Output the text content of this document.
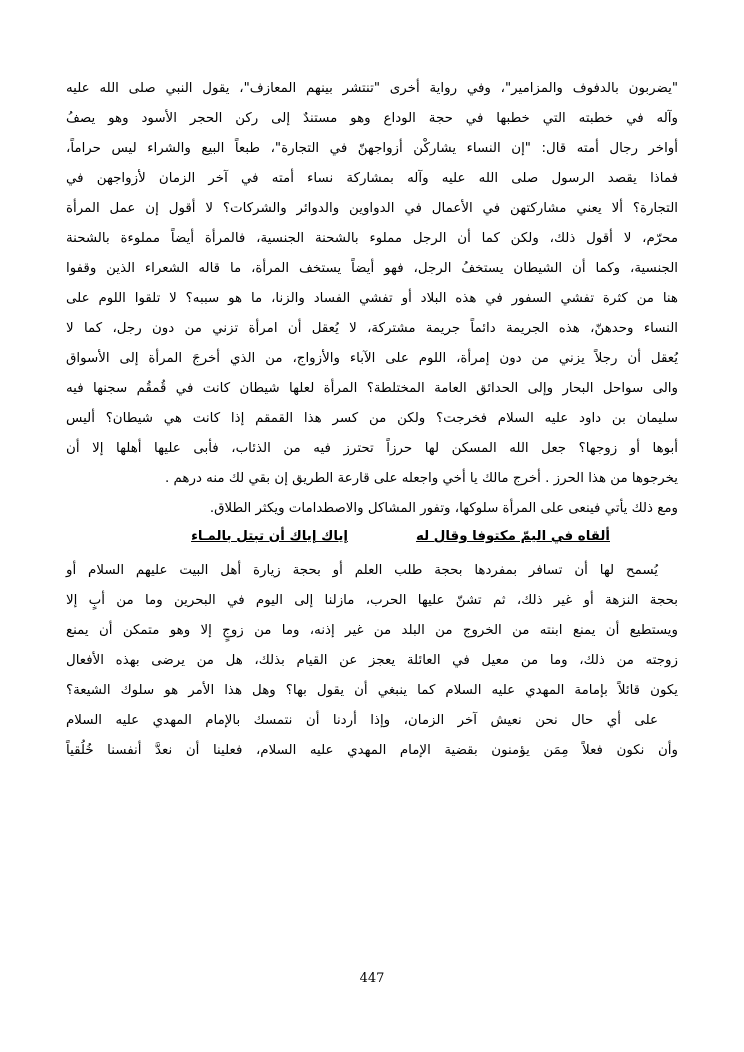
"يضربون بالدفوف والمزامير"، وفي رواية أخرى "تنتشر بينهم المعازف"، يقول النبي صلى الله عليه
وآله في خطبته التي خطبها في حجة الوداع وهو مستندٌ إلى ركن الحجر الأسود وهو يصفُ
أواخر رجال أمته قال: "إن النساء يشاركْن أزواجهنّ في التجارة"، طبعاً البيع والشراء ليس حراماً،
فماذا يقصد الرسول صلى الله عليه وآله بمشاركة نساء أمته في آخر الزمان لأزواجهن في
التجارة؟ ألا يعني مشاركتهن في الأعمال في الدواوين والدوائر والشركات؟ لا أقول إن عمل المرأة
محرّم، لا أقول ذلك، ولكن كما أن الرجل مملوء بالشحنة الجنسية، فالمرأة أيضاً مملوءة بالشحنة
الجنسية، وكما أن الشيطان يستخفُ الرجل، فهو أيضاً يستخف المرأة، ما قاله الشعراء الذين وقفوا
هنا من كثرة تفشي السفور في هذه البلاد أو تفشي الفساد والزنا، ما هو سببه؟ لا تلقوا اللوم على
النساء وحدهنّ، هذه الجريمة دائماً جريمة مشتركة، لا يُعقل أن امرأة تزني من دون رجل، كما لا
يُعقل أن رجلاً يزني من دون إمرأة، اللوم على الآباء والأزواج، من الذي أخرجَ المرأة إلى الأسواق
والى سواحل البحار وإلى الحدائق العامة المختلطة؟ المرأة لعلها شيطان كانت في قُمقُم سجنها فيه
سليمان بن داود عليه السلام فخرجت؟ ولكن من كسر هذا القمقم إذا كانت هي شيطان؟ أليس
أبوها أو زوجها؟ جعل الله المسكن لها حرزاً تحترز فيه من الذئاب، فأبى عليها أهلها إلا أن
يخرجوها من هذا الحرز . أخرج مالك يا أخي واجعله على قارعة الطريق إن بقي لك منه درهم .
ومع ذلك يأتي فينعى على المرأة سلوكها، وتفور المشاكل والاصطدامات ويكثر الطلاق.
ألقاه في اليمّ مكتوفا وقال له
إياك إياك أن تبتل بالمـاء
يُسمح لها أن تسافر بمفردها بحجة طلب العلم أو بحجة زيارة أهل البيت عليهم السلام أو
بحجة النزهة أو غير ذلك، ثم تشنّ عليها الحرب، مازلنا إلى اليوم في البحرين وما من أبٍ إلا
ويستطيع أن يمنع ابنته من الخروج من البلد من غير إذنه، وما من زوجٍ إلا وهو متمكن أن يمنع
زوجته من ذلك، وما من معيل في العائلة يعجز عن القيام بذلك، هل من يرضى بهذه الأفعال
يكون قائلاً بإمامة المهدي عليه السلام كما ينبغي أن يقول بها؟ وهل هذا الأمر هو سلوك الشيعة؟
على أي حال نحن نعيش آخر الزمان، وإذا أردنا أن نتمسك بالإمام المهدي عليه السلام
وأن نكون فعلاً مِمَن يؤمنون بقضية الإمام المهدي عليه السلام، فعلينا أن نعدَّ أنفسنا خُلُقياً
447
